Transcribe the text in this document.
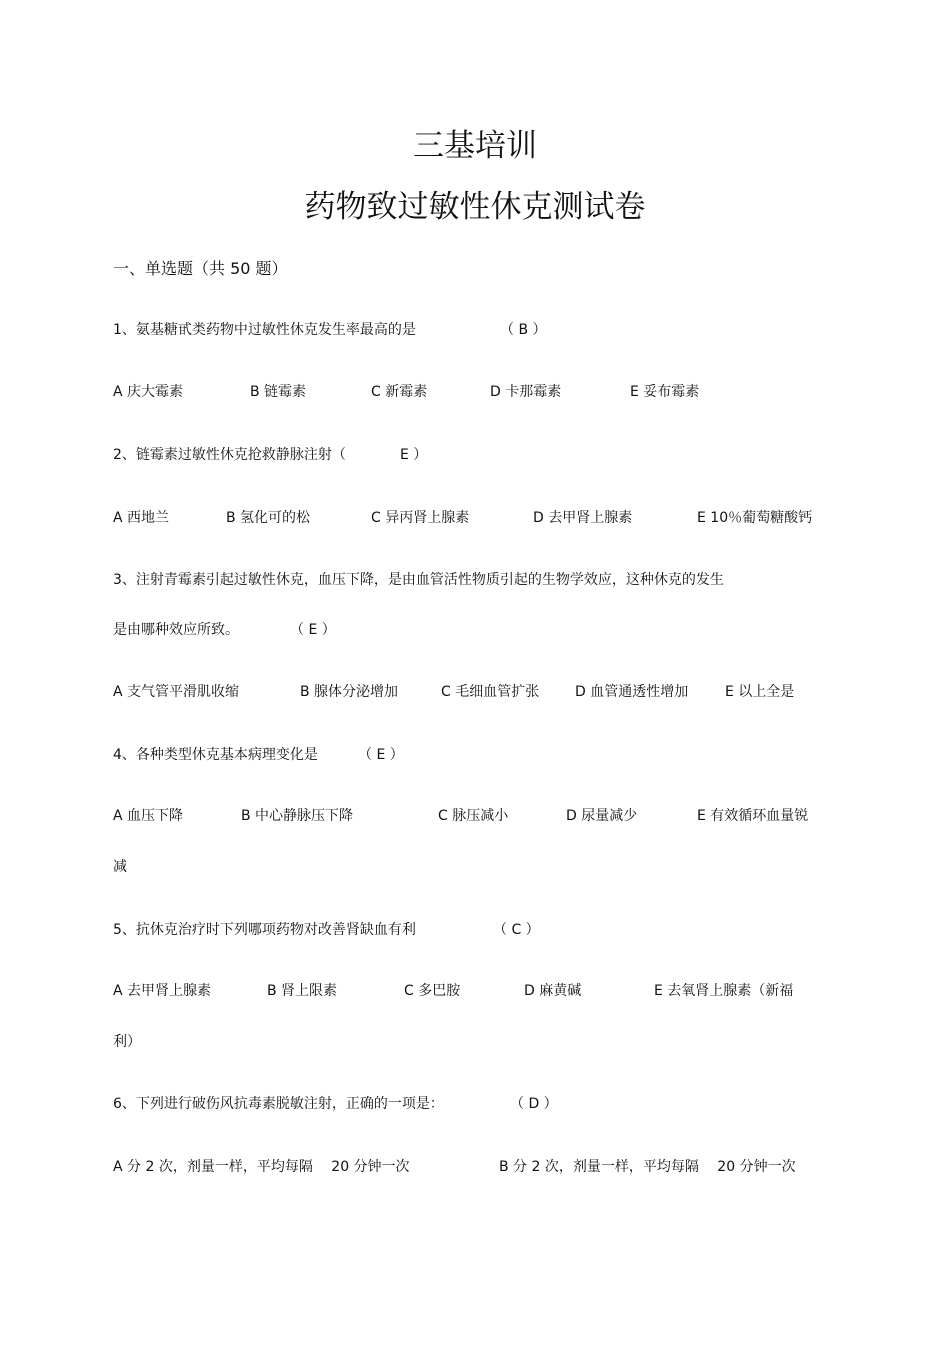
三基培训
药物致过敏性休克测试卷
一、单选题（共 50 题）
1、氨基糖甙类药物中过敏性休克发生率最高的是	（ B ）
A 庆大霉素	B 链霉素	C 新霉素	D 卡那霉素	E 妥布霉素
2、链霉素过敏性休克抢救静脉注射（	E ）
A 西地兰	B 氢化可的松	C 异丙肾上腺素	D 去甲肾上腺素	E 10％葡萄糖酸钙
3、注射青霉素引起过敏性休克，血压下降，是由血管活性物质引起的生物学效应，这种休克的发生
是由哪种效应所致。	（ E ）
A 支气管平滑肌收缩	B 腺体分泌增加	C 毛细血管扩张	D 血管通透性增加	E 以上全是
4、各种类型休克基本病理变化是	（ E ）
A 血压下降	B 中心静脉压下降	C 脉压减小	D 尿量减少	E 有效循环血量锐
减
5、抗休克治疗时下列哪项药物对改善肾缺血有利	（ C ）
A 去甲肾上腺素	B 肾上限素	C 多巴胺	D 麻黄碱	E 去氧肾上腺素（新福
利）
6、下列进行破伤风抗毒素脱敏注射，正确的一项是：	（ D ）
A 分 2 次，剂量一样，平均每隔　 20 分钟一次	B 分 2 次，剂量一样，平均每隔　 20 分钟一次
